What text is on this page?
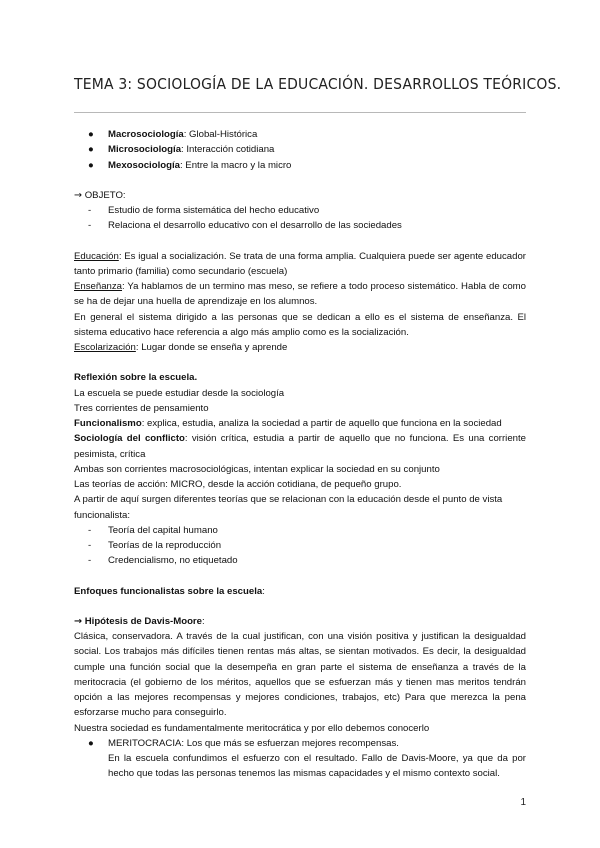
TEMA 3: SOCIOLOGÍA DE LA EDUCACIÓN. DESARROLLOS TEÓRICOS.
● Macrosociología: Global-Histórica
● Microsociología: Interacción cotidiana
● Mexosociología: Entre la macro y la micro

→ OBJETO:

- Estudio de forma sistemática del hecho educativo
- Relaciona el desarrollo educativo con el desarrollo de las sociedades

Educación: Es igual a socialización. Se trata de una forma amplia. Cualquiera puede ser agente educador tanto primario (familia) como secundario (escuela)

Enseñanza: Ya hablamos de un termino mas meso, se refiere a todo proceso sistemático. Habla de como se ha de dejar una huella de aprendizaje en los alumnos.

En general el sistema dirigido a las personas que se dedican a ello es el sistema de enseñanza. El sistema educativo hace referencia a algo más amplio como es la socialización.

Escolarización: Lugar donde se enseña y aprende

Reflexión sobre la escuela.

La escuela se puede estudiar desde la sociología

Tres corrientes de pensamiento

Funcionalismo: explica, estudia, analiza la sociedad a partir de aquello que funciona en la sociedad

Sociología del conflicto: visión crítica, estudia a partir de aquello que no funciona. Es una corriente pesimista, crítica

Ambas son corrientes macrosociológicas, intentan explicar la sociedad en su conjunto

Las teorías de acción: MICRO, desde la acción cotidiana, de pequeño grupo.

A partir de aquí surgen diferentes teorías que se relacionan con la educación desde el punto de vista funcionalista:

- Teoría del capital humano
- Teorías de la reproducción
- Credencialismo, no etiquetado

Enfoques funcionalistas sobre la escuela:

→ Hipótesis de Davis-Moore:

Clásica, conservadora. A través de la cual justifican, con una visión positiva y justifican la desigualdad social. Los trabajos más difíciles tienen rentas más altas, se sientan motivados. Es decir, la desigualdad cumple una función social que la desempeña en gran parte el sistema de enseñanza a través de la meritocracia (el gobierno de los méritos, aquellos que se esfuerzan más y tienen mas meritos tendrán opción a las mejores recompensas y mejores condiciones, trabajos, etc) Para que merezca la pena esforzarse mucho para conseguirlo.

Nuestra sociedad es fundamentalmente meritocrática y por ello debemos conocerlo

● MERITOCRACIA: Los que más se esfuerzan mejores recompensas.

En la escuela confundimos el esfuerzo con el resultado. Fallo de Davis-Moore, ya que da por hecho que todas las personas tenemos las mismas capacidades y el mismo contexto social.

1
